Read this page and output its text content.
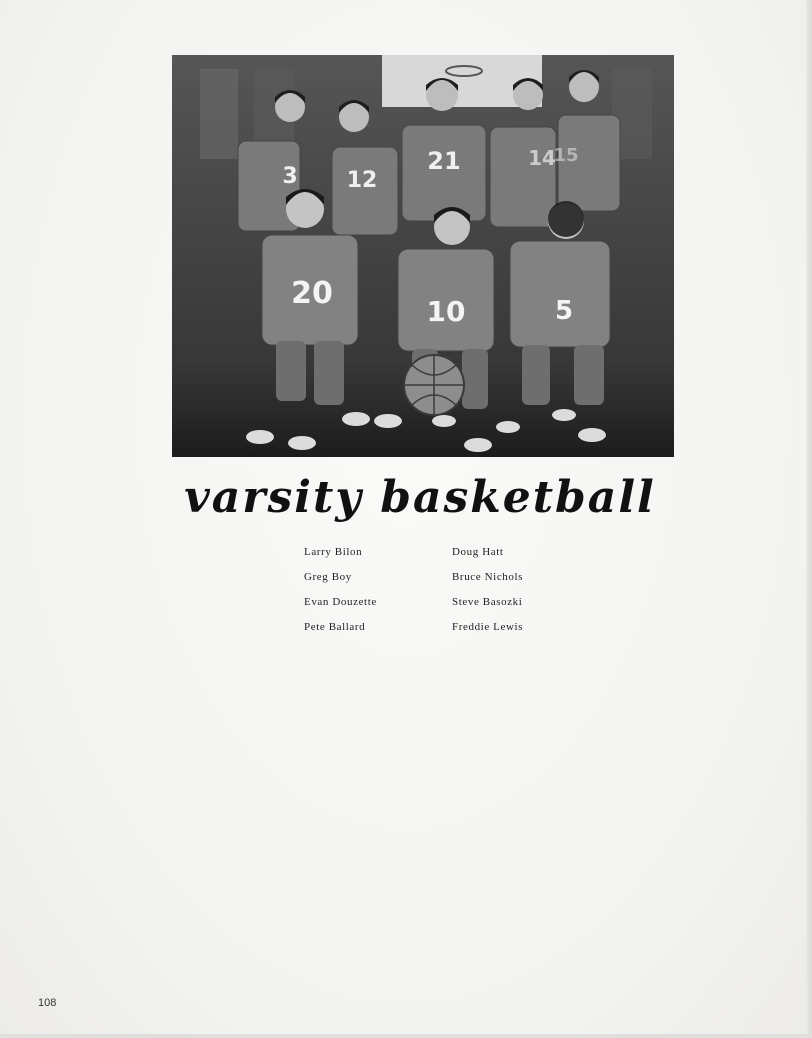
3 12
21	14
15
20
10	5
varsity basketball
Larry Bilon
Greg Boy
Evan Douzette
Pete Ballard
Doug Hatt
Bruce Nichols
Steve Basozki
Freddie Lewis
108
